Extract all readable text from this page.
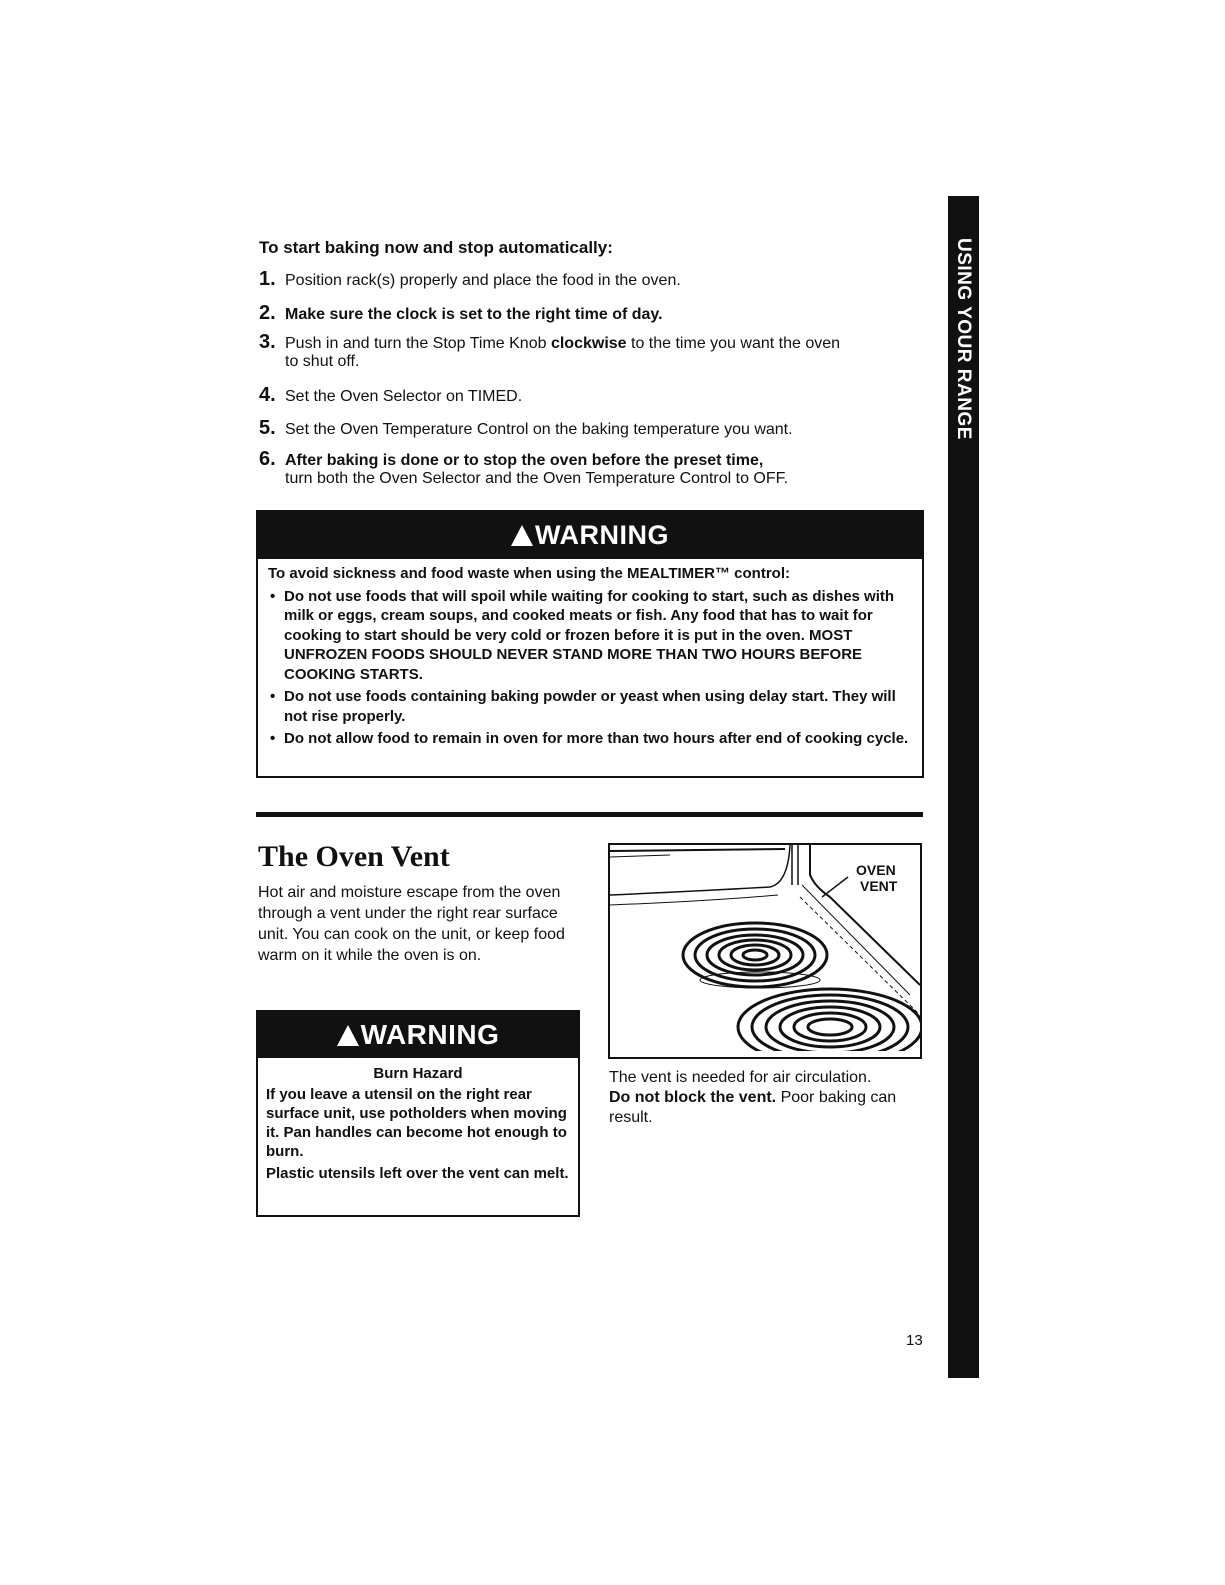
USING YOUR RANGE
To start baking now and stop automatically:
1. Position rack(s) properly and place the food in the oven.
2. Make sure the clock is set to the right time of day.
3. Push in and turn the Stop Time Knob clockwise to the time you want the oven
to shut off.
4. Set the Oven Selector on TIMED.
5. Set the Oven Temperature Control on the baking temperature you want.
6. After baking is done or to stop the oven before the preset time,
turn both the Oven Selector and the Oven Temperature Control to OFF.
!WARNING
To avoid sickness and food waste when using the MEALTIMER™ control:
• Do not use foods that will spoil while waiting for cooking to start, such as dishes with milk or eggs, cream soups, and cooked meats or fish. Any food that has to wait for cooking to start should be very cold or frozen before it is put in the oven. MOST UNFROZEN FOODS SHOULD NEVER STAND MORE THAN TWO HOURS BEFORE COOKING STARTS.
• Do not use foods containing baking powder or yeast when using delay start. They will not rise properly.
• Do not allow food to remain in oven for more than two hours after end of cooking cycle.
The Oven Vent
Hot air and moisture escape from the oven through a vent under the right rear surface unit. You can cook on the unit, or keep food warm on it while the oven is on.
!WARNING
Burn Hazard
If you leave a utensil on the right rear surface unit, use potholders when moving it. Pan handles can become hot enough to burn.
Plastic utensils left over the vent can melt.
OVEN
VENT
The vent is needed for air circulation.
Do not block the vent. Poor baking can result.
13
